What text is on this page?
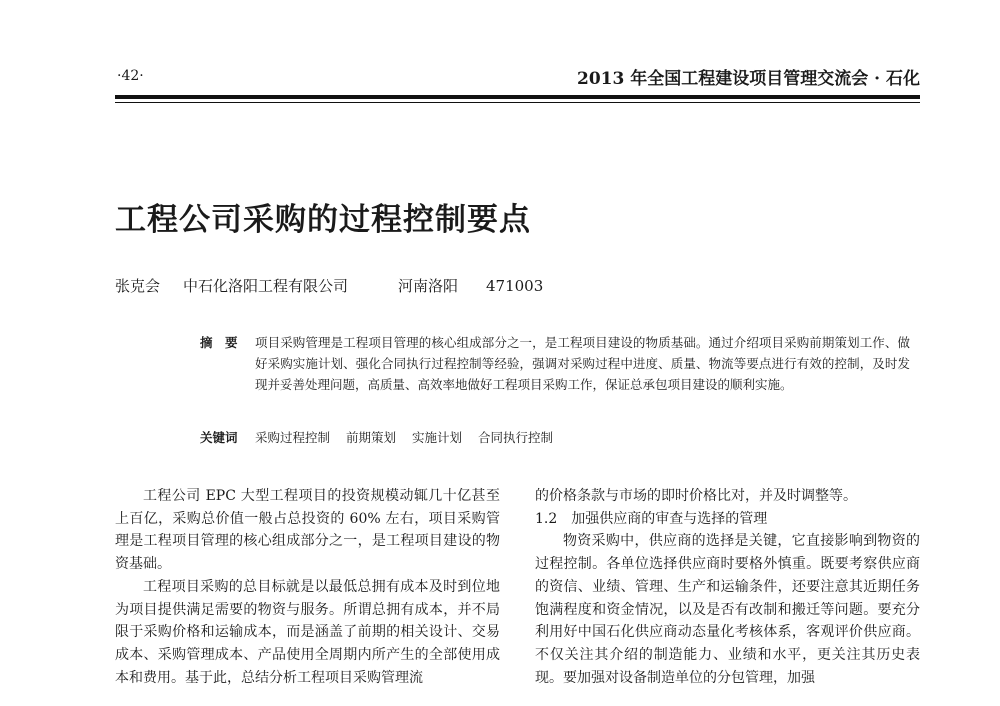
·42·	2013 年全国工程建设项目管理交流会 · 石化
工程公司采购的过程控制要点
张克会 中石化洛阳工程有限公司	河南洛阳 471003
摘　要 项目采购管理是工程项目管理的核心组成部分之一，是工程项目建设的物质基础。通过介绍项目采购前期策划工作、做好采购实施计划、强化合同执行过程控制等经验，强调对采购过程中进度、质量、物流等要点进行有效的控制，及时发现并妥善处理问题，高质量、高效率地做好工程项目采购工作，保证总承包项目建设的顺利实施。
关键词 采购过程控制 前期策划 实施计划 合同执行控制

工程公司 EPC 大型工程项目的投资规模动辄几十亿甚至上百亿，采购总价值一般占总投资的 60% 左右，项目采购管理是工程项目管理的核心组成部分之一，是工程项目建设的物资基础。

工程项目采购的总目标就是以最低总拥有成本及时到位地为项目提供满足需要的物资与服务。所谓总拥有成本，并不局限于采购价格和运输成本，而是涵盖了前期的相关设计、交易成本、采购管理成本、产品使用全周期内所产生的全部使用成本和费用。基于此，总结分析工程项目采购管理流

的价格条款与市场的即时价格比对，并及时调整等。

1.2　加强供应商的审查与选择的管理

物资采购中，供应商的选择是关键，它直接影响到物资的过程控制。各单位选择供应商时要格外慎重。既要考察供应商的资信、业绩、管理、生产和运输条件，还要注意其近期任务饱满程度和资金情况，以及是否有改制和搬迁等问题。要充分利用好中国石化供应商动态量化考核体系，客观评价供应商。不仅关注其介绍的制造能力、业绩和水平，更关注其历史表现。要加强对设备制造单位的分包管理，加强
